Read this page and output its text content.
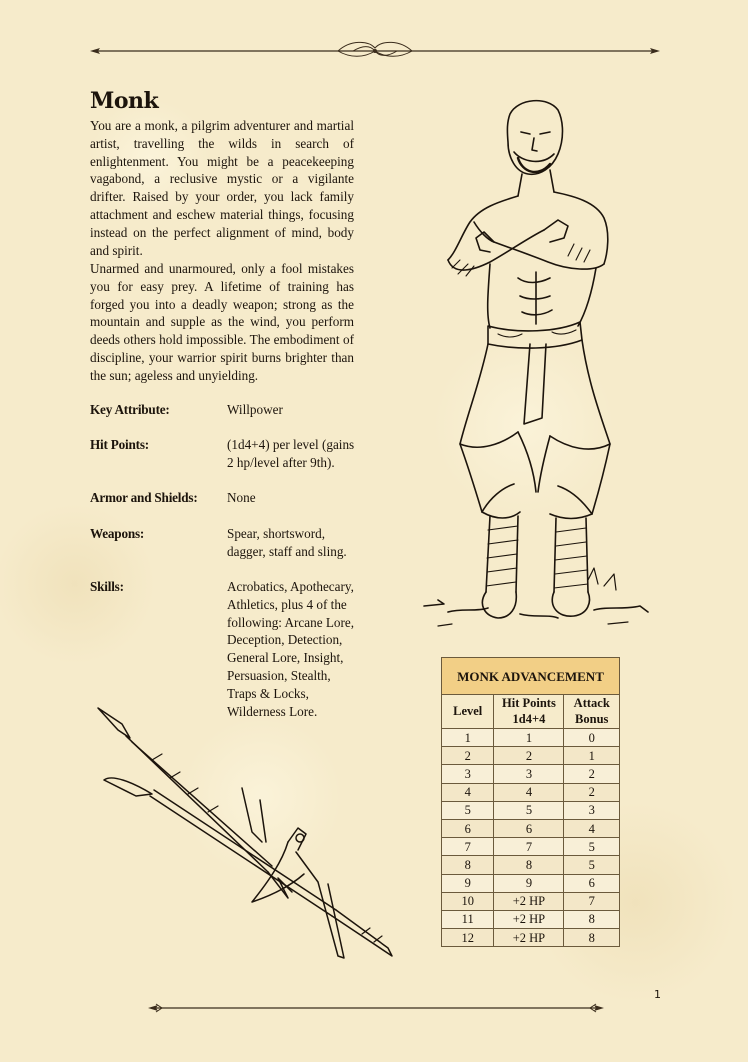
Monk

You are a monk, a pilgrim adventurer and martial artist, travelling the wilds in search of enlightenment. You might be a peacekeeping vagabond, a reclusive mystic or a vigilante drifter. Raised by your order, you lack family attachment and eschew material things, focusing instead on the perfect alignment of mind, body and spirit.

Unarmed and unarmoured, only a fool mistakes you for easy prey. A lifetime of training has forged you into a deadly weapon; strong as the mountain and supple as the wind, you perform deeds others hold impossible. The embodiment of discipline, your warrior spirit burns brighter than the sun; ageless and unyielding.

Key Attribute:	Willpower
Hit Points:	(1d4+4) per level (gains 2 hp/level after 9th).
Armor and Shields: None
Weapons:	Spear, shortsword, dagger, staff and sling.
Skills:	Acrobatics, Apothecary, Athletics, plus 4 of the following: Arcane Lore, Deception, Detection, General Lore, Insight, Persuasion, Stealth, Traps & Locks, Wilderness Lore.
MONK ADVANCEMENT		
Level	Hit Points 1d4+4	Attack Bonus
1	1	0
2	2	1
3	3	2
4	4	2
5	5	3
6	6	4
7	7	5
8	8	5
9	9	6
10	+2 HP	7
11	+2 HP	8
12	+2 HP	8
1
